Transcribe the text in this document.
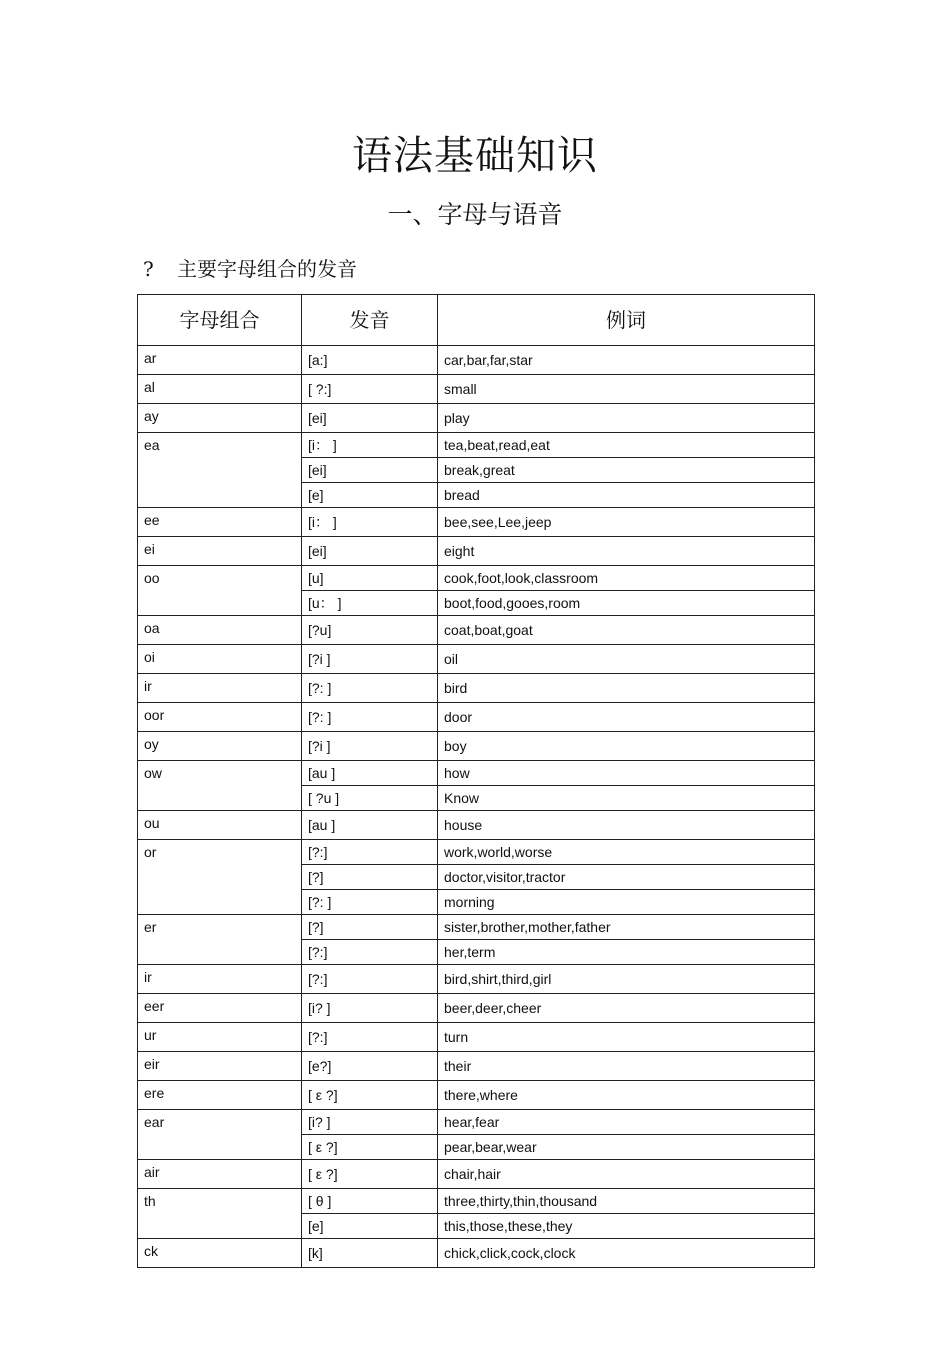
语法基础知识
一、字母与语音
? 主要字母组合的发音
字母组合	发音	例词
ar	[a:]	car,bar,far,star
al	[ ?:]	small
ay	[ei]	play
ea	[i： ]	tea,beat,read,eat
	[ei]	break,great
	[e]	bread
ee	[i： ]	bee,see,Lee,jeep
ei	[ei]	eight
oo	[u]	cook,foot,look,classroom
	[u： ]	boot,food,gooes,room
oa	[?u]	coat,boat,goat
oi	[?i ]	oil
ir	[?: ]	bird
oor	[?: ]	door
oy	[?i ]	boy
ow	[au ]	how
	[ ?u ]	Know
ou	[au ]	house
or	[?:]	work,world,worse
	[?]	doctor,visitor,tractor
	[?: ]	morning
er	[?]	sister,brother,mother,father
	[?:]	her,term
ir	[?:]	bird,shirt,third,girl
eer	[i? ]	beer,deer,cheer
ur	[?:]	turn
eir	[e?]	their
ere	[ ε ?]	there,where
ear	[i? ]	hear,fear
	[ ε ?]	pear,bear,wear
air	[ ε ?]	chair,hair
th	[ θ ]	three,thirty,thin,thousand
	[e]	this,those,these,they
ck	[k]	chick,click,cock,clock
